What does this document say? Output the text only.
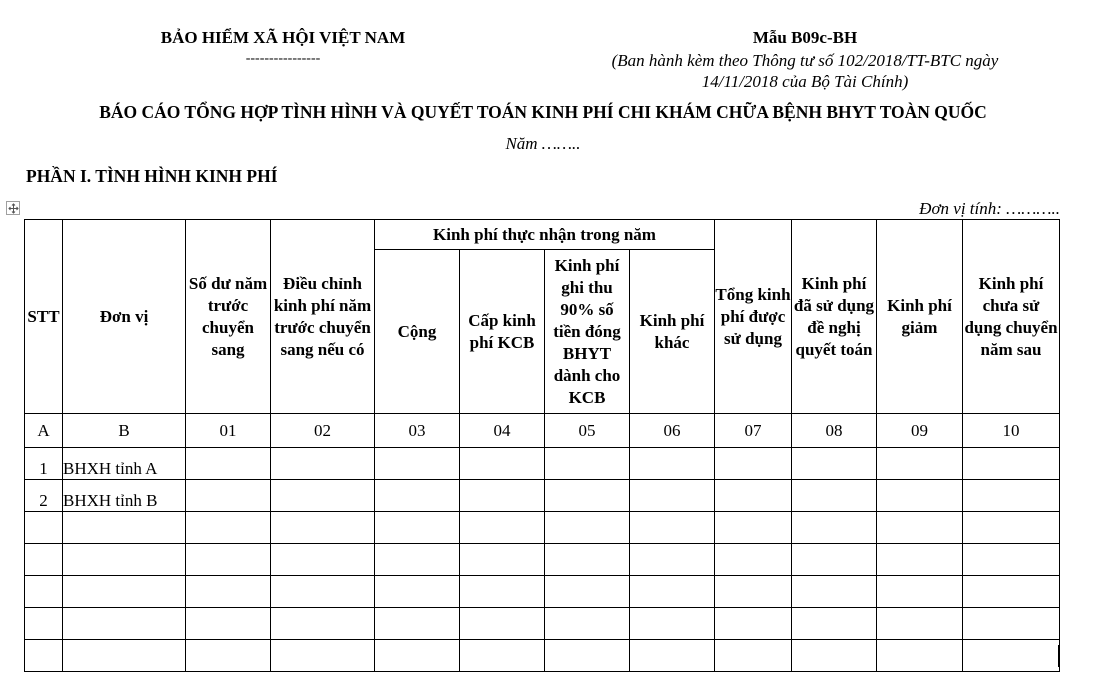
BẢO HIỂM XÃ HỘI VIỆT NAM
----------------
Mẫu B09c-BH
(Ban hành kèm theo Thông tư số 102/2018/TT-BTC ngày
14/11/2018 của Bộ Tài Chính)
BÁO CÁO TỔNG HỢP TÌNH HÌNH VÀ QUYẾT TOÁN KINH PHÍ CHI KHÁM CHỮA BỆNH BHYT TOÀN QUỐC
Năm ……..
PHẦN I. TÌNH HÌNH KINH PHÍ
Đơn vị tính: ………..
STT	Đơn vị	Số dư năm trước chuyển sang	Điều chỉnh kinh phí năm trước chuyển sang nếu có	Kinh phí thực nhận trong năm				Tổng kinh phí được sử dụng	Kinh phí đã sử dụng đề nghị quyết toán	Kinh phí giảm	Kinh phí chưa sử dụng chuyển năm sau
				Cộng	Cấp kinh phí KCB	Kinh phí ghi thu 90% số tiền đóng BHYT dành cho KCB	Kinh phí khác				
A	B	01	02	03	04	05	06	07	08	09	10
1	BHXH tỉnh A										
2	BHXH tỉnh B										
